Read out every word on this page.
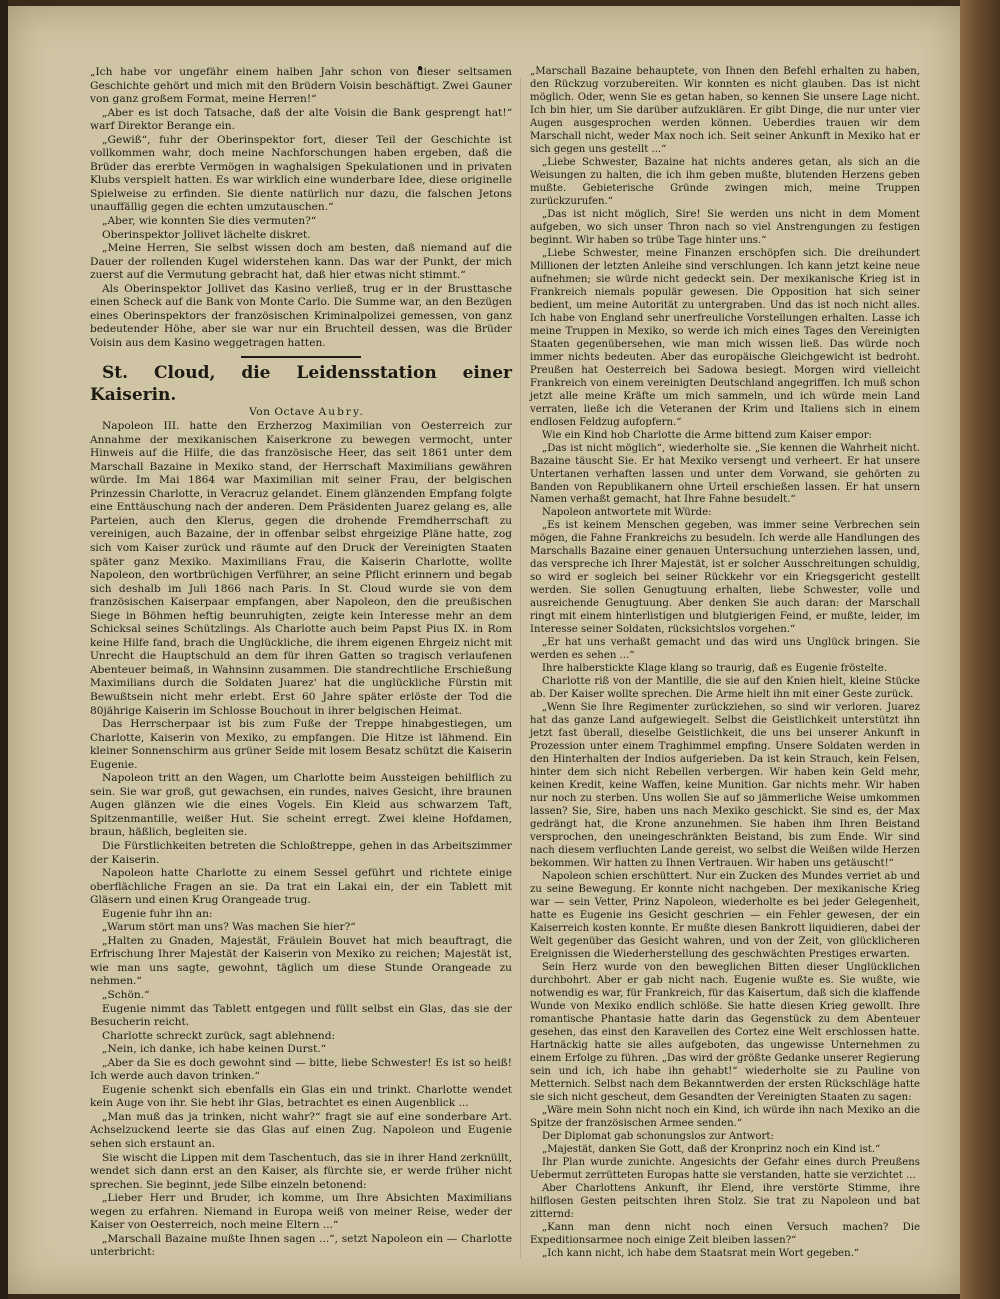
„Ich habe vor ungefähr einem halben Jahr schon von dieser seltsamen Geschichte gehört und mich mit den Brüdern Voisin beschäftigt. Zwei Gauner von ganz großem Format, meine Herren!“

„Aber es ist doch Tatsache, daß der alte Voisin die Bank gesprengt hat!“ warf Direktor Berange ein.

„Gewiß“, fuhr der Oberinspektor fort, dieser Teil der Geschichte ist vollkommen wahr, doch meine Nachforschungen haben ergeben, daß die Brüder das ererbte Vermögen in waghalsigen Spekulationen und in privaten Klubs verspielt hatten. Es war wirklich eine wunderbare Idee, diese originelle Spielweise zu erfinden. Sie diente natürlich nur dazu, die falschen Jetons unauffällig gegen die echten umzutauschen.“

„Aber, wie konnten Sie dies vermuten?“

Oberinspektor Jollivet lächelte diskret.

„Meine Herren, Sie selbst wissen doch am besten, daß niemand auf die Dauer der rollenden Kugel widerstehen kann. Das war der Punkt, der mich zuerst auf die Vermutung gebracht hat, daß hier etwas nicht stimmt.“

Als Oberinspektor Jollivet das Kasino verließ, trug er in der Brusttasche einen Scheck auf die Bank von Monte Carlo. Die Summe war, an den Bezügen eines Oberinspektors der französischen Kriminalpolizei gemessen, von ganz bedeutender Höhe, aber sie war nur ein Bruchteil dessen, was die Brüder Voisin aus dem Kasino weggetragen hatten.

St. Cloud, die Leidensstation einer Kaiserin.

Von Octave Aubry.

Napoleon III. hatte den Erzherzog Maximilian von Oesterreich zur Annahme der mexikanischen Kaiserkrone zu bewegen vermocht, unter Hinweis auf die Hilfe, die das französische Heer, das seit 1861 unter dem Marschall Bazaine in Mexiko stand, der Herrschaft Maximilians gewähren würde. Im Mai 1864 war Maximilian mit seiner Frau, der belgischen Prinzessin Charlotte, in Veracruz gelandet. Einem glänzenden Empfang folgte eine Enttäuschung nach der anderen. Dem Präsidenten Juarez gelang es, alle Parteien, auch den Klerus, gegen die drohende Fremdherrschaft zu vereinigen, auch Bazaine, der in offenbar selbst ehrgeizige Pläne hatte, zog sich vom Kaiser zurück und räumte auf den Druck der Vereinigten Staaten später ganz Mexiko. Maximilians Frau, die Kaiserin Charlotte, wollte Napoleon, den wortbrüchigen Verführer, an seine Pflicht erinnern und begab sich deshalb im Juli 1866 nach Paris. In St. Cloud wurde sie von dem französischen Kaiserpaar empfangen, aber Napoleon, den die preußischen Siege in Böhmen heftig beunruhigten, zeigte kein Interesse mehr an dem Schicksal seines Schützlings. Als Charlotte auch beim Papst Pius IX. in Rom keine Hilfe fand, brach die Unglückliche, die ihrem eigenen Ehrgeiz nicht mit Unrecht die Hauptschuld an dem für ihren Gatten so tragisch verlaufenen Abenteuer beimaß, in Wahnsinn zusammen. Die standrechtliche Erschießung Maximilians durch die Soldaten Juarez' hat die unglückliche Fürstin mit Bewußtsein nicht mehr erlebt. Erst 60 Jahre später erlöste der Tod die 80jährige Kaiserin im Schlosse Bouchout in ihrer belgischen Heimat.

Das Herrscherpaar ist bis zum Fuße der Treppe hinabgestiegen, um Charlotte, Kaiserin von Mexiko, zu empfangen. Die Hitze ist lähmend. Ein kleiner Sonnenschirm aus grüner Seide mit losem Besatz schützt die Kaiserin Eugenie.

Napoleon tritt an den Wagen, um Charlotte beim Aussteigen behilflich zu sein. Sie war groß, gut gewachsen, ein rundes, naives Gesicht, ihre braunen Augen glänzen wie die eines Vogels. Ein Kleid aus schwarzem Taft, Spitzenmantille, weißer Hut. Sie scheint erregt. Zwei kleine Hofdamen, braun, häßlich, begleiten sie.

Die Fürstlichkeiten betreten die Schloßtreppe, gehen in das Arbeitszimmer der Kaiserin.

Napoleon hatte Charlotte zu einem Sessel geführt und richtete einige oberflächliche Fragen an sie. Da trat ein Lakai ein, der ein Tablett mit Gläsern und einen Krug Orangeade trug.

Eugenie fuhr ihn an:

„Warum stört man uns? Was machen Sie hier?“

„Halten zu Gnaden, Majestät, Fräulein Bouvet hat mich beauftragt, die Erfrischung Ihrer Majestät der Kaiserin von Mexiko zu reichen; Majestät ist, wie man uns sagte, gewohnt, täglich um diese Stunde Orangeade zu nehmen.“

„Schön.“

Eugenie nimmt das Tablett entgegen und füllt selbst ein Glas, das sie der Besucherin reicht.

Charlotte schreckt zurück, sagt ablehnend:

„Nein, ich danke, ich habe keinen Durst.“

„Aber da Sie es doch gewohnt sind — bitte, liebe Schwester! Es ist so heiß! Ich werde auch davon trinken.“

Eugenie schenkt sich ebenfalls ein Glas ein und trinkt. Charlotte wendet kein Auge von ihr. Sie hebt ihr Glas, betrachtet es einen Augenblick ...

„Man muß das ja trinken, nicht wahr?“ fragt sie auf eine sonderbare Art. Achselzuckend leerte sie das Glas auf einen Zug. Napoleon und Eugenie sehen sich erstaunt an.

Sie wischt die Lippen mit dem Taschentuch, das sie in ihrer Hand zerknüllt, wendet sich dann erst an den Kaiser, als fürchte sie, er werde früher nicht sprechen. Sie beginnt, jede Silbe einzeln betonend:

„Lieber Herr und Bruder, ich komme, um Ihre Absichten Maximilians wegen zu erfahren. Niemand in Europa weiß von meiner Reise, weder der Kaiser von Oesterreich, noch meine Eltern ...“

„Marschall Bazaine mußte Ihnen sagen ...“, setzt Napoleon ein — Charlotte unterbricht:

„Marschall Bazaine behauptete, von Ihnen den Befehl erhalten zu haben, den Rückzug vorzubereiten. Wir konnten es nicht glauben. Das ist nicht möglich. Oder, wenn Sie es getan haben, so kennen Sie unsere Lage nicht. Ich bin hier, um Sie darüber aufzuklären. Er gibt Dinge, die nur unter vier Augen ausgesprochen werden können. Ueberdies trauen wir dem Marschall nicht, weder Max noch ich. Seit seiner Ankunft in Mexiko hat er sich gegen uns gestellt ...“

„Liebe Schwester, Bazaine hat nichts anderes getan, als sich an die Weisungen zu halten, die ich ihm geben mußte, blutenden Herzens geben mußte. Gebieterische Gründe zwingen mich, meine Truppen zurückzurufen.“

„Das ist nicht möglich, Sire! Sie werden uns nicht in dem Moment aufgeben, wo sich unser Thron nach so viel Anstrengungen zu festigen beginnt. Wir haben so trübe Tage hinter uns.“

„Liebe Schwester, meine Finanzen erschöpfen sich. Die dreihundert Millionen der letzten Anleihe sind verschlungen. Ich kann jetzt keine neue aufnehmen; sie würde nicht gedeckt sein. Der mexikanische Krieg ist in Frankreich niemals populär gewesen. Die Opposition hat sich seiner bedient, um meine Autorität zu untergraben. Und das ist noch nicht alles. Ich habe von England sehr unerfreuliche Vorstellungen erhalten. Lasse ich meine Truppen in Mexiko, so werde ich mich eines Tages den Vereinigten Staaten gegenübersehen, wie man mich wissen ließ. Das würde noch immer nichts bedeuten. Aber das europäische Gleichgewicht ist bedroht. Preußen hat Oesterreich bei Sadowa besiegt. Morgen wird vielleicht Frankreich von einem vereinigten Deutschland angegriffen. Ich muß schon jetzt alle meine Kräfte um mich sammeln, und ich würde mein Land verraten, ließe ich die Veteranen der Krim und Italiens sich in einem endlosen Feldzug aufopfern.“

Wie ein Kind hob Charlotte die Arme bittend zum Kaiser empor:

„Das ist nicht möglich“, wiederholte sie. „Sie kennen die Wahrheit nicht. Bazaine täuscht Sie. Er hat Mexiko versengt und verheert. Er hat unsere Untertanen verhaften lassen und unter dem Vorwand, sie gehörten zu Banden von Republikanern ohne Urteil erschießen lassen. Er hat unsern Namen verhaßt gemacht, hat Ihre Fahne besudelt.“

Napoleon antwortete mit Würde:

„Es ist keinem Menschen gegeben, was immer seine Verbrechen sein mögen, die Fahne Frankreichs zu besudeln. Ich werde alle Handlungen des Marschalls Bazaine einer genauen Untersuchung unterziehen lassen, und, das verspreche ich Ihrer Majestät, ist er solcher Ausschreitungen schuldig, so wird er sogleich bei seiner Rückkehr vor ein Kriegsgericht gestellt werden. Sie sollen Genugtuung erhalten, liebe Schwester, volle und ausreichende Genugtuung. Aber denken Sie auch daran: der Marschall ringt mit einem hinterlistigen und blutgierigen Feind, er mußte, leider, im Interesse seiner Soldaten, rücksichtslos vorgehen.“

„Er hat uns verhaßt gemacht und das wird uns Unglück bringen. Sie werden es sehen ...“

Ihre halberstickte Klage klang so traurig, daß es Eugenie fröstelte.

Charlotte riß von der Mantille, die sie auf den Knien hielt, kleine Stücke ab. Der Kaiser wollte sprechen. Die Arme hielt ihn mit einer Geste zurück.

„Wenn Sie Ihre Regimenter zurückziehen, so sind wir verloren. Juarez hat das ganze Land aufgewiegelt. Selbst die Geistlichkeit unterstützt ihn jetzt fast überall, dieselbe Geistlichkeit, die uns bei unserer Ankunft in Prozession unter einem Traghimmel empfing. Unsere Soldaten werden in den Hinterhalten der Indios aufgerieben. Da ist kein Strauch, kein Felsen, hinter dem sich nicht Rebellen verbergen. Wir haben kein Geld mehr, keinen Kredit, keine Waffen, keine Munition. Gar nichts mehr. Wir haben nur noch zu sterben. Uns wollen Sie auf so jämmerliche Weise umkommen lassen? Sie, Sire, haben uns nach Mexiko geschickt. Sie sind es, der Max gedrängt hat, die Krone anzunehmen. Sie haben ihm Ihren Beistand versprochen, den uneingeschränkten Beistand, bis zum Ende. Wir sind nach diesem verfluchten Lande gereist, wo selbst die Weißen wilde Herzen bekommen. Wir hatten zu Ihnen Vertrauen. Wir haben uns getäuscht!“

Napoleon schien erschüttert. Nur ein Zucken des Mundes verriet ab und zu seine Bewegung. Er konnte nicht nachgeben. Der mexikanische Krieg war — sein Vetter, Prinz Napoleon, wiederholte es bei jeder Gelegenheit, hatte es Eugenie ins Gesicht geschrien — ein Fehler gewesen, der ein Kaiserreich kosten konnte. Er mußte diesen Bankrott liquidieren, dabei der Welt gegenüber das Gesicht wahren, und von der Zeit, von glücklicheren Ereignissen die Wiederherstellung des geschwächten Prestiges erwarten.

Sein Herz wurde von den beweglichen Bitten dieser Unglücklichen durchbohrt. Aber er gab nicht nach. Eugenie wußte es. Sie wußte, wie notwendig es war, für Frankreich, für das Kaisertum, daß sich die klaffende Wunde von Mexiko endlich schlöße. Sie hatte diesen Krieg gewollt. Ihre romantische Phantasie hatte darin das Gegenstück zu dem Abenteuer gesehen, das einst den Karavellen des Cortez eine Welt erschlossen hatte. Hartnäckig hatte sie alles aufgeboten, das ungewisse Unternehmen zu einem Erfolge zu führen. „Das wird der größte Gedanke unserer Regierung sein und ich, ich habe ihn gehabt!“ wiederholte sie zu Pauline von Metternich. Selbst nach dem Bekanntwerden der ersten Rückschläge hatte sie sich nicht gescheut, dem Gesandten der Vereinigten Staaten zu sagen:

„Wäre mein Sohn nicht noch ein Kind, ich würde ihn nach Mexiko an die Spitze der französischen Armee senden.“

Der Diplomat gab schonungslos zur Antwort:

„Majestät, danken Sie Gott, daß der Kronprinz noch ein Kind ist.“

Ihr Plan wurde zunichte. Angesichts der Gefahr eines durch Preußens Uebermut zerrütteten Europas hatte sie verstanden, hatte sie verzichtet ...

Aber Charlottens Ankunft, ihr Elend, ihre verstörte Stimme, ihre hilflosen Gesten peitschten ihren Stolz. Sie trat zu Napoleon und bat zitternd:

„Kann man denn nicht noch einen Versuch machen? Die Expeditionsarmee noch einige Zeit bleiben lassen?“

„Ich kann nicht, ich habe dem Staatsrat mein Wort gegeben.“
